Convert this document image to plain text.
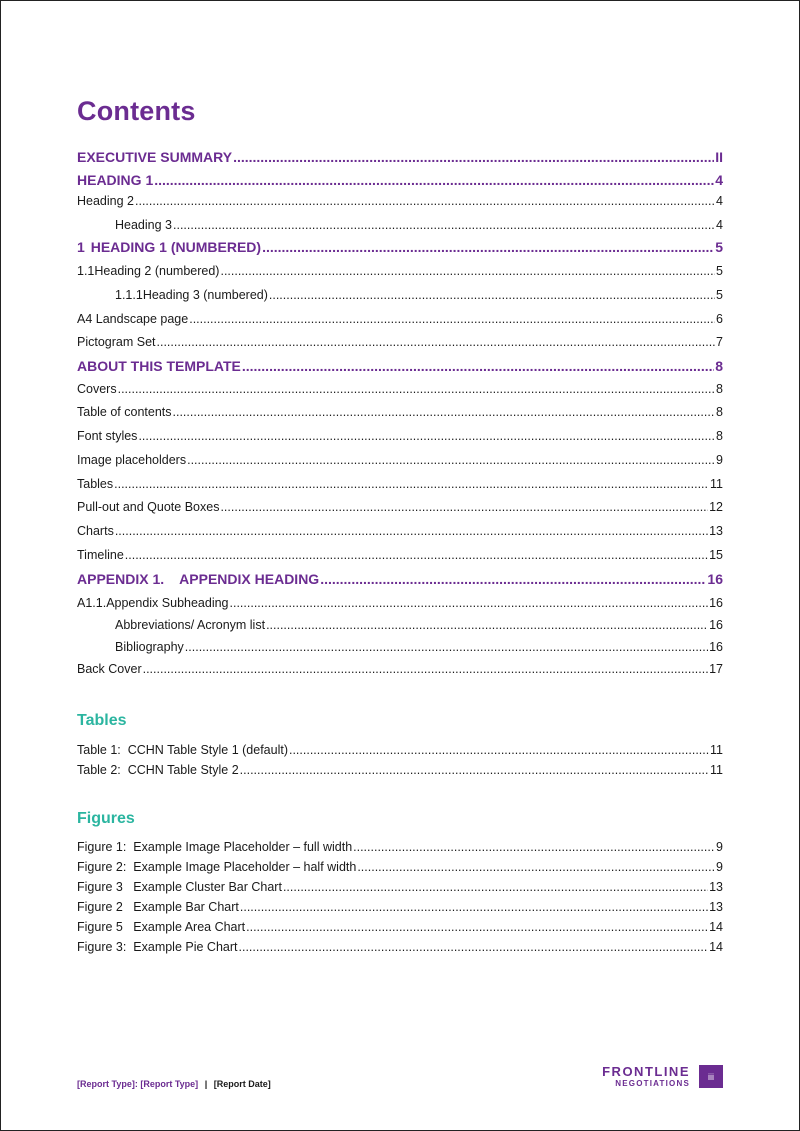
Contents
EXECUTIVE SUMMARY .....	II
HEADING 1 .....	4
Heading 2 .....	4
Heading 3 .....	4
1 HEADING 1 (NUMBERED) .....	5
1.1 Heading 2 (numbered) .....	5
1.1.1 Heading 3 (numbered) .....	5
A4 Landscape page .....	6
Pictogram Set .....	7
ABOUT THIS TEMPLATE .....	8
Covers .....	8
Table of contents .....	8
Font styles .....	8
Image placeholders .....	9
Tables .....	11
Pull-out and Quote Boxes .....	12
Charts .....	13
Timeline .....	15
APPENDIX 1.    APPENDIX HEADING .....	16
A1.1. Appendix Subheading .....	16
Abbreviations/ Acronym list .....	16
Bibliography .....	16
Back Cover .....	17
Tables
Table 1:  CCHN Table Style 1 (default) .....	11
Table 2:  CCHN Table Style 2 .....	11
Figures
Figure 1:  Example Image Placeholder – full width .....	9
Figure 2:  Example Image Placeholder – half width .....	9
Figure 3   Example Cluster Bar Chart .....	13
Figure 2   Example Bar Chart .....	13
Figure 5   Example Area Chart .....	14
Figure 3:  Example Pie Chart .....	14
[Report Type]: [Report Type] | [Report Date]
FRONTLINE
NEGOTIATIONS
iii
